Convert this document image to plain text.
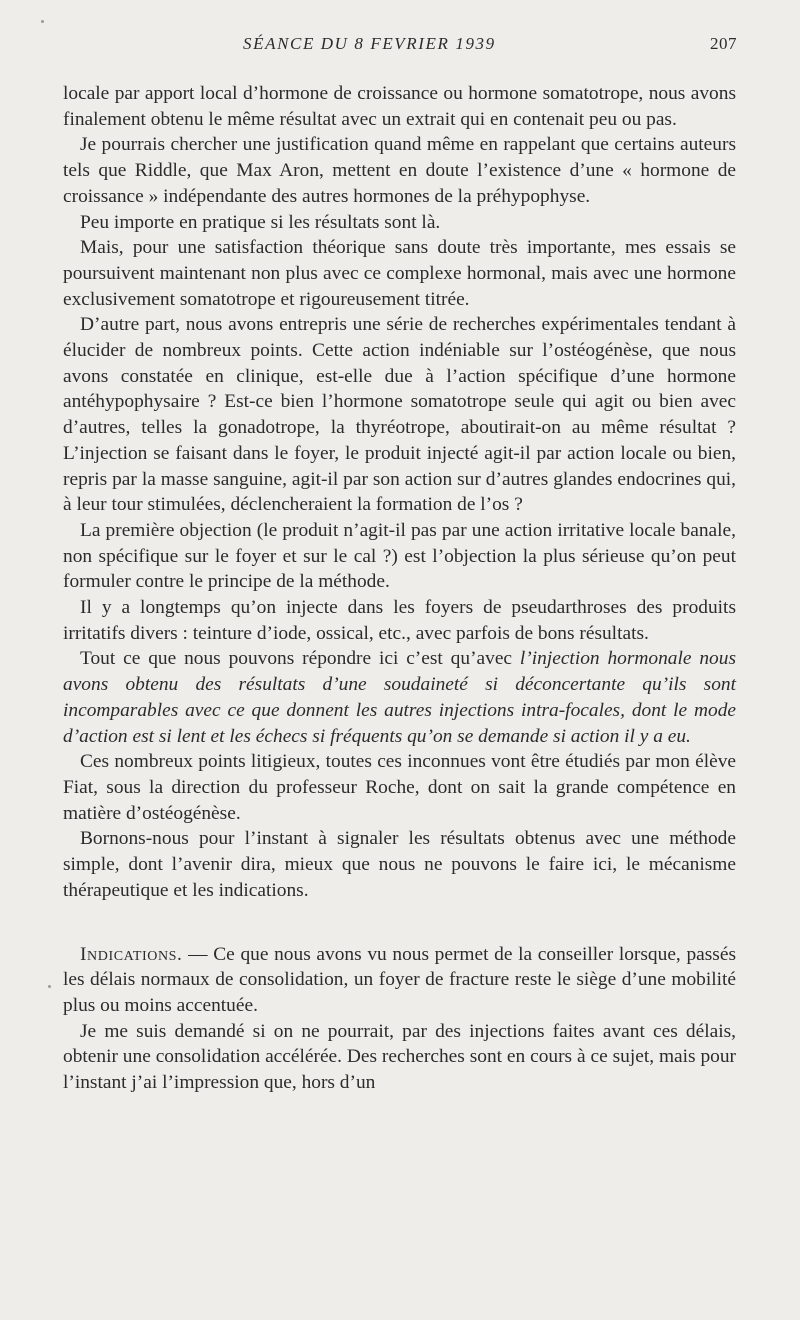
SÉANCE DU 8 FEVRIER 1939	207

locale par apport local d’hormone de croissance ou hormone somatotrope, nous avons finalement obtenu le même résultat avec un extrait qui en contenait peu ou pas.

Je pourrais chercher une justification quand même en rappelant que certains auteurs tels que Riddle, que Max Aron, mettent en doute l’existence d’une « hormone de croissance » indépendante des autres hormones de la préhypophyse.

Peu importe en pratique si les résultats sont là.

Mais, pour une satisfaction théorique sans doute très importante, mes essais se poursuivent maintenant non plus avec ce complexe hormonal, mais avec une hormone exclusivement somatotrope et rigoureusement titrée.

D’autre part, nous avons entrepris une série de recherches expérimentales tendant à élucider de nombreux points. Cette action indéniable sur l’ostéogénèse, que nous avons constatée en clinique, est-elle due à l’action spécifique d’une hormone antéhypophysaire ? Est-ce bien l’hormone somatotrope seule qui agit ou bien avec d’autres, telles la gonadotrope, la thyréotrope, aboutirait-on au même résultat ? L’injection se faisant dans le foyer, le produit injecté agit-il par action locale ou bien, repris par la masse sanguine, agit-il par son action sur d’autres glandes endocrines qui, à leur tour stimulées, déclencheraient la formation de l’os ?

La première objection (le produit n’agit-il pas par une action irritative locale banale, non spécifique sur le foyer et sur le cal ?) est l’objection la plus sérieuse qu’on peut formuler contre le principe de la méthode.

Il y a longtemps qu’on injecte dans les foyers de pseudarthroses des produits irritatifs divers : teinture d’iode, ossical, etc., avec parfois de bons résultats.

Tout ce que nous pouvons répondre ici c’est qu’avec l’injection hormonale nous avons obtenu des résultats d’une soudaineté si déconcertante qu’ils sont incomparables avec ce que donnent les autres injections intra-focales, dont le mode d’action est si lent et les échecs si fréquents qu’on se demande si action il y a eu.

Ces nombreux points litigieux, toutes ces inconnues vont être étudiés par mon élève Fiat, sous la direction du professeur Roche, dont on sait la grande compétence en matière d’ostéogénèse.

Bornons-nous pour l’instant à signaler les résultats obtenus avec une méthode simple, dont l’avenir dira, mieux que nous ne pouvons le faire ici, le mécanisme thérapeutique et les indications.

Indications. — Ce que nous avons vu nous permet de la conseiller lorsque, passés les délais normaux de consolidation, un foyer de fracture reste le siège d’une mobilité plus ou moins accentuée.

Je me suis demandé si on ne pourrait, par des injections faites avant ces délais, obtenir une consolidation accélérée. Des recherches sont en cours à ce sujet, mais pour l’instant j’ai l’impression que, hors d’un
